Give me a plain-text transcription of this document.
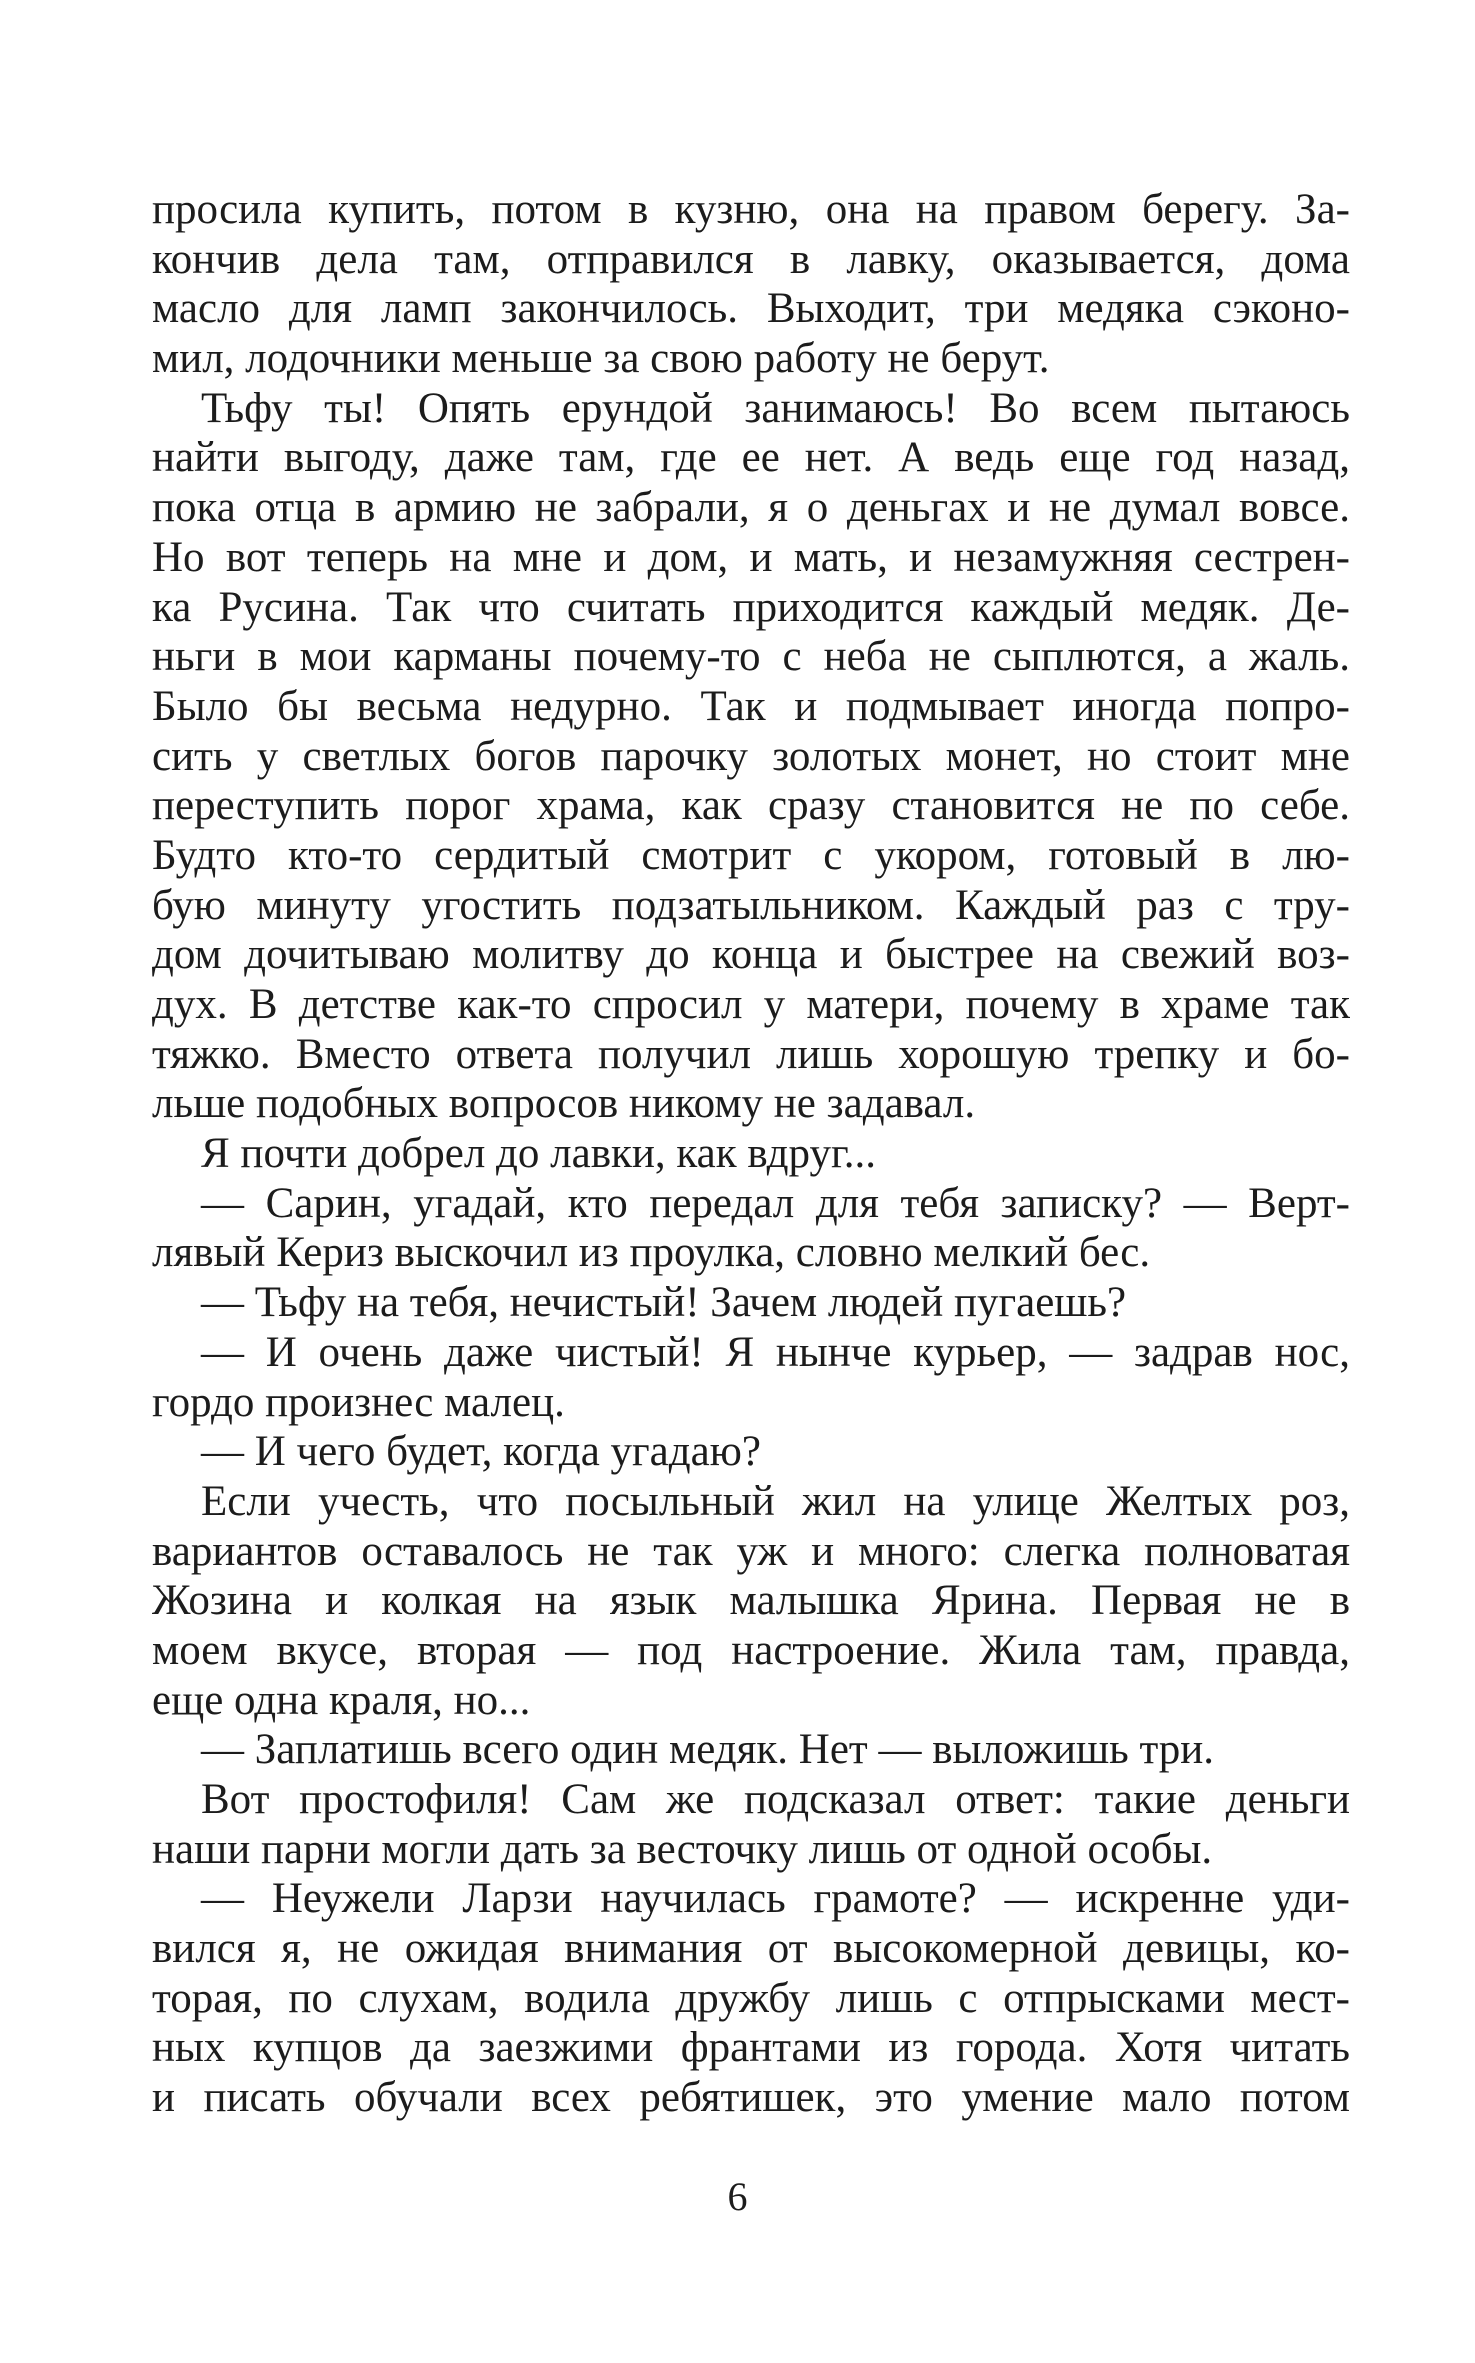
просила купить, потом в кузню, она на правом берегу. За-
кончив дела там, отправился в лавку, оказывается, дома
масло для ламп закончилось. Выходит, три медяка сэконо-
мил, лодочники меньше за свою работу не берут.
Тьфу ты! Опять ерундой занимаюсь! Во всем пытаюсь
найти выгоду, даже там, где ее нет. А ведь еще год назад,
пока отца в армию не забрали, я о деньгах и не думал вовсе.
Но вот теперь на мне и дом, и мать, и незамужняя сестрен-
ка Русина. Так что считать приходится каждый медяк. Де-
ньги в мои карманы почему-то с неба не сыплются, а жаль.
Было бы весьма недурно. Так и подмывает иногда попро-
сить у светлых богов парочку золотых монет, но стоит мне
переступить порог храма, как сразу становится не по себе.
Будто кто-то сердитый смотрит с укором, готовый в лю-
бую минуту угостить подзатыльником. Каждый раз с тру-
дом дочитываю молитву до конца и быстрее на свежий воз-
дух. В детстве как-то спросил у матери, почему в храме так
тяжко. Вместо ответа получил лишь хорошую трепку и бо-
льше подобных вопросов никому не задавал.
Я почти добрел до лавки, как вдруг...
— Сарин, угадай, кто передал для тебя записку? — Верт-
лявый Кериз выскочил из проулка, словно мелкий бес.
— Тьфу на тебя, нечистый! Зачем людей пугаешь?
— И очень даже чистый! Я нынче курьер, — задрав нос,
гордо произнес малец.
— И чего будет, когда угадаю?
Если учесть, что посыльный жил на улице Желтых роз,
вариантов оставалось не так уж и много: слегка полноватая
Жозина и колкая на язык малышка Ярина. Первая не в
моем вкусе, вторая — под настроение. Жила там, правда,
еще одна краля, но...
— Заплатишь всего один медяк. Нет — выложишь три.
Вот простофиля! Сам же подсказал ответ: такие деньги
наши парни могли дать за весточку лишь от одной особы.
— Неужели Ларзи научилась грамоте? — искренне уди-
вился я, не ожидая внимания от высокомерной девицы, ко-
торая, по слухам, водила дружбу лишь с отпрысками мест-
ных купцов да заезжими франтами из города. Хотя читать
и писать обучали всех ребятишек, это умение мало потом
6
